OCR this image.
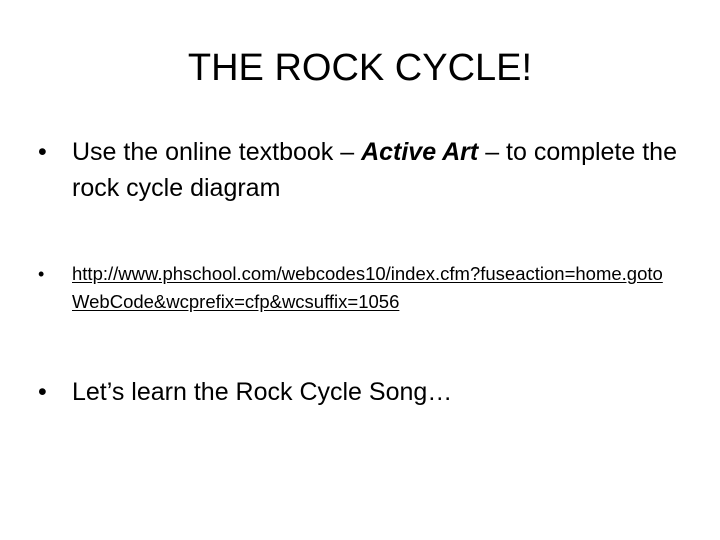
THE ROCK CYCLE!
•	Use the online textbook – Active Art – to complete the rock cycle diagram
•	http://www.phschool.com/webcodes10/index.cfm?fuseaction=home.gotoWebCode&wcprefix=cfp&wcsuffix=1056
•	Let’s learn the Rock Cycle Song…
